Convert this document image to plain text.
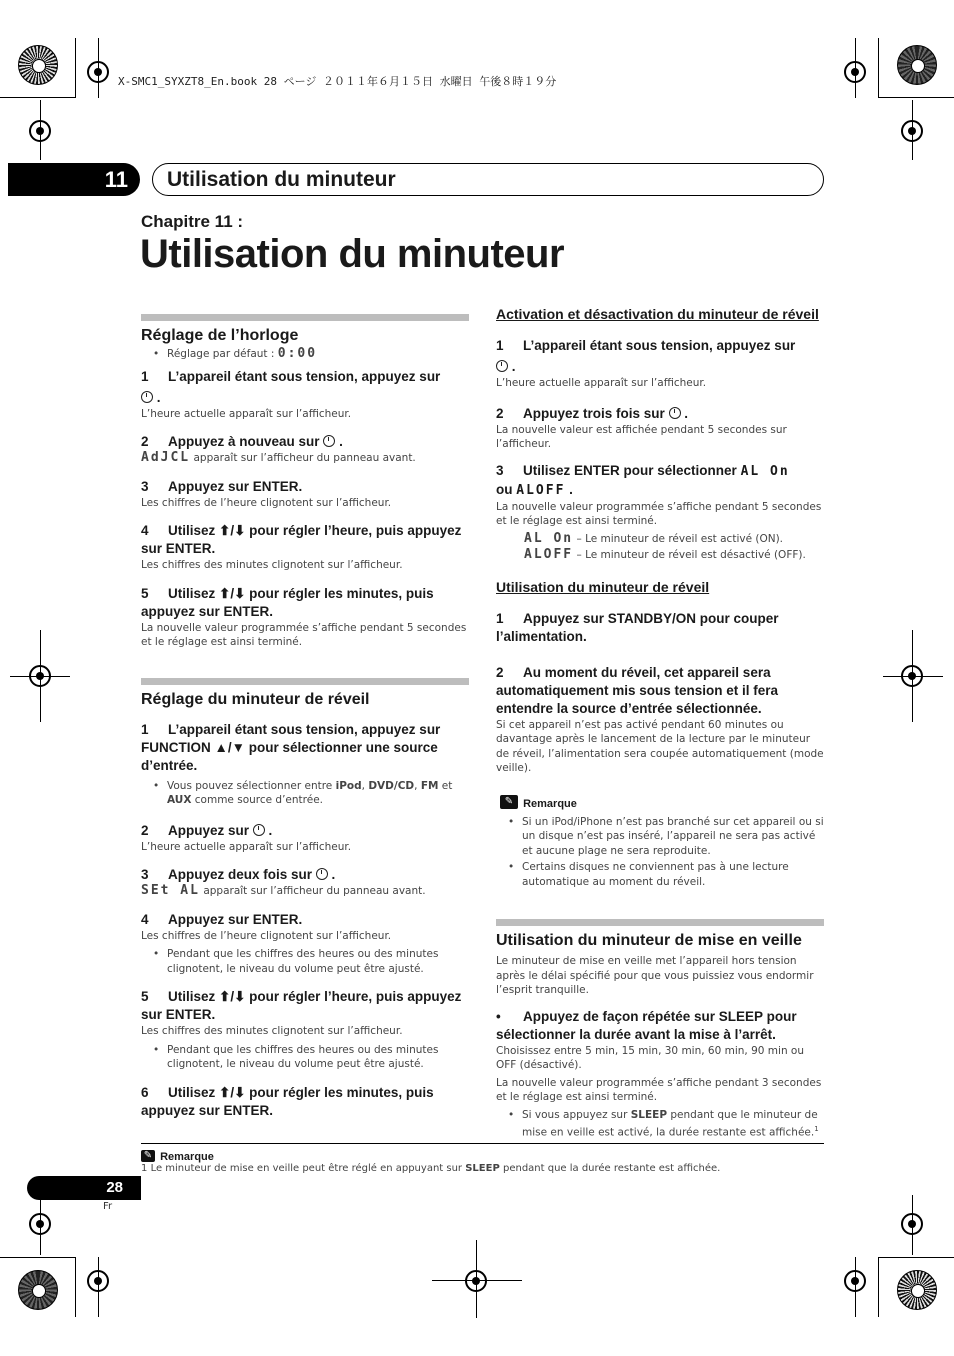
X-SMC1_SYXZT8_En.book 28 ページ ２０１１年６月１５日 水曜日 午後８時１９分
11	Utilisation du minuteur
Chapitre 11 :
Utilisation du minuteur

Réglage de l’horloge

• Réglage par défaut : 0:00

1 L’appareil étant sous tension, appuyez sur

.

L’heure actuelle apparaît sur l’afficheur.

2 Appuyez à nouveau sur .

AdJCL apparaît sur l’afficheur du panneau avant.

3 Appuyez sur ENTER.

Les chiffres de l’heure clignotent sur l’afficheur.

4 Utilisez ⬆/⬇ pour régler l’heure, puis appuyez sur ENTER.

Les chiffres des minutes clignotent sur l’afficheur.

5 Utilisez ⬆/⬇ pour régler les minutes, puis appuyez sur ENTER.

La nouvelle valeur programmée s’affiche pendant 5 secondes et le réglage est ainsi terminé.

Réglage du minuteur de réveil

1 L’appareil étant sous tension, appuyez sur FUNCTION ▲/▼ pour sélectionner une source d’entrée.

• Vous pouvez sélectionner entre iPod, DVD/CD, FM et AUX comme source d’entrée.

2 Appuyez sur  .

L’heure actuelle apparaît sur l’afficheur.

3 Appuyez deux fois sur  .

SEt AL apparaît sur l’afficheur du panneau avant.

4 Appuyez sur ENTER.

Les chiffres de l’heure clignotent sur l’afficheur.

• Pendant que les chiffres des heures ou des minutes clignotent, le niveau du volume peut être ajusté.

5 Utilisez ⬆/⬇ pour régler l’heure, puis appuyez sur ENTER.

Les chiffres des minutes clignotent sur l’afficheur.

• Pendant que les chiffres des heures ou des minutes clignotent, le niveau du volume peut être ajusté.

6 Utilisez ⬆/⬇ pour régler les minutes, puis appuyez sur ENTER.

Activation et désactivation du minuteur de réveil

1 L’appareil étant sous tension, appuyez sur

.

L’heure actuelle apparaît sur l’afficheur.

2 Appuyez trois fois sur  .

La nouvelle valeur est affichée pendant 5 secondes sur l’afficheur.

3 Utilisez ENTER pour sélectionner AL On
ou ALOFF .

La nouvelle valeur programmée s’affiche pendant 5 secondes et le réglage est ainsi terminé.

AL On – Le minuteur de réveil est activé (ON).

ALOFF – Le minuteur de réveil est désactivé (OFF).

Utilisation du minuteur de réveil

1 Appuyez sur STANDBY/ON pour couper l’alimentation.

2 Au moment du réveil, cet appareil sera automatiquement mis sous tension et il fera entendre la source d’entrée sélectionnée.

Si cet appareil n’est pas activé pendant 60 minutes ou davantage après le lancement de la lecture par le minuteur de réveil, l’alimentation sera coupée automatiquement (mode veille).

✎ Remarque

• Si un iPod/iPhone n’est pas branché sur cet appareil ou si un disque n’est pas inséré, l’appareil ne sera pas activé et aucune plage ne sera reproduite.

• Certains disques ne conviennent pas à une lecture automatique au moment du réveil.

Utilisation du minuteur de mise en veille

Le minuteur de mise en veille met l’appareil hors tension après le délai spécifié pour que vous puissiez vous endormir l’esprit tranquille.

• Appuyez de façon répétée sur SLEEP pour sélectionner la durée avant la mise à l’arrêt.

Choisissez entre 5 min, 15 min, 30 min, 60 min, 90 min ou OFF (désactivé).

La nouvelle valeur programmée s’affiche pendant 3 secondes et le réglage est ainsi terminé.

• Si vous appuyez sur SLEEP pendant que le minuteur de mise en veille est activé, la durée restante est affichée.$^1$

✎ Remarque
1 Le minuteur de mise en veille peut être réglé en appuyant sur SLEEP pendant que la durée restante est affichée.
28
Fr
